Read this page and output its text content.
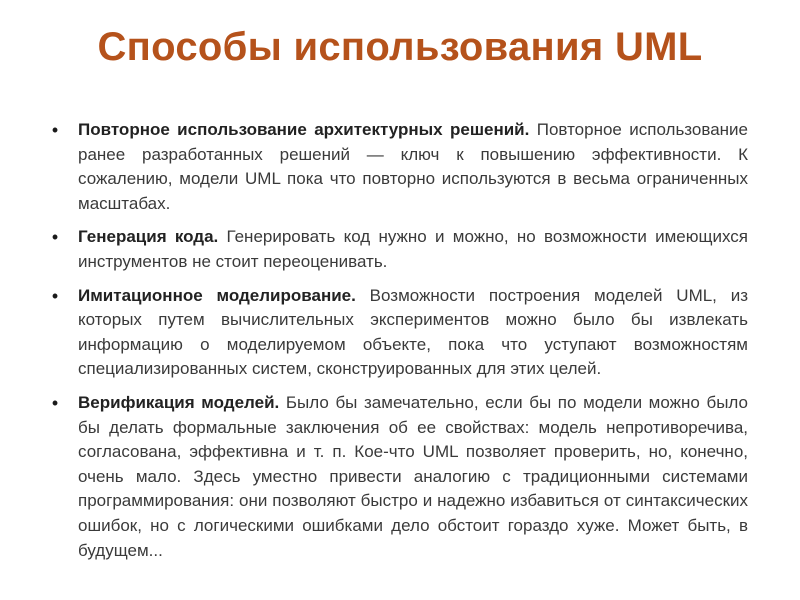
Способы использования UML
• Повторное использование архитектурных решений. Повторное использование ранее разработанных решений — ключ к повышению эффективности. К сожалению, модели UML пока что повторно используются в весьма ограниченных масштабах.
• Генерация кода. Генерировать код нужно и можно, но возможности имеющихся инструментов не стоит переоценивать.
• Имитационное моделирование. Возможности построения моделей UML, из которых путем вычислительных экспериментов можно было бы извлекать информацию о моделируемом объекте, пока что уступают возможностям специализированных систем, сконструированных для этих целей.
• Верификация моделей. Было бы замечательно, если бы по модели можно было бы делать формальные заключения об ее свойствах: модель непротиворечива, согласована, эффективна и т. п. Кое-что UML позволяет проверить, но, конечно, очень мало. Здесь уместно привести аналогию с традиционными системами программирования: они позволяют быстро и надежно избавиться от синтаксических ошибок, но с логическими ошибками дело обстоит гораздо хуже. Может быть, в будущем...
